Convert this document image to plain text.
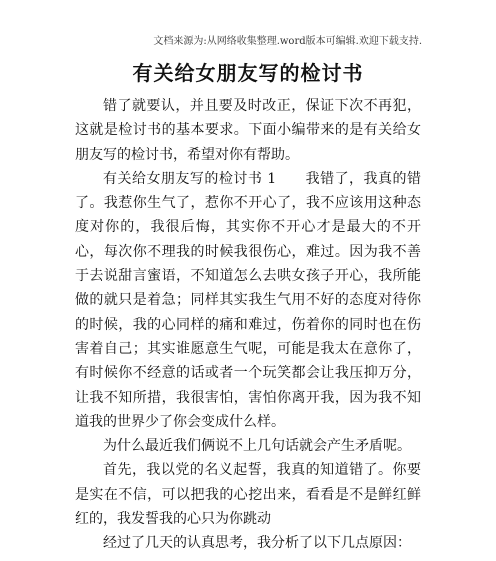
文档来源为:从网络收集整理.word版本可编辑.欢迎下载支持.
有关给女朋友写的检讨书

错了就要认，并且要及时改正，保证下次不再犯，这就是检讨书的基本要求。下面小编带来的是有关给女朋友写的检讨书，希望对你有帮助。

有关给女朋友写的检讨书 1　　我错了，我真的错了。我惹你生气了，惹你不开心了，我不应该用这种态度对你的，我很后悔，其实你不开心才是最大的不开心，每次你不理我的时候我很伤心，难过。因为我不善于去说甜言蜜语，不知道怎么去哄女孩子开心，我所能做的就只是着急；同样其实我生气用不好的态度对待你的时候，我的心同样的痛和难过，伤着你的同时也在伤害着自己；其实谁愿意生气呢，可能是我太在意你了，有时候你不经意的话或者一个玩笑都会让我压抑万分，让我不知所措，我很害怕，害怕你离开我，因为我不知道我的世界少了你会变成什么样。

为什么最近我们俩说不上几句话就会产生矛盾呢。

首先，我以党的名义起誓，我真的知道错了。你要是实在不信，可以把我的心挖出来，看看是不是鲜红鲜红的，我发誓我的心只为你跳动

经过了几天的认真思考，我分析了以下几点原因：
